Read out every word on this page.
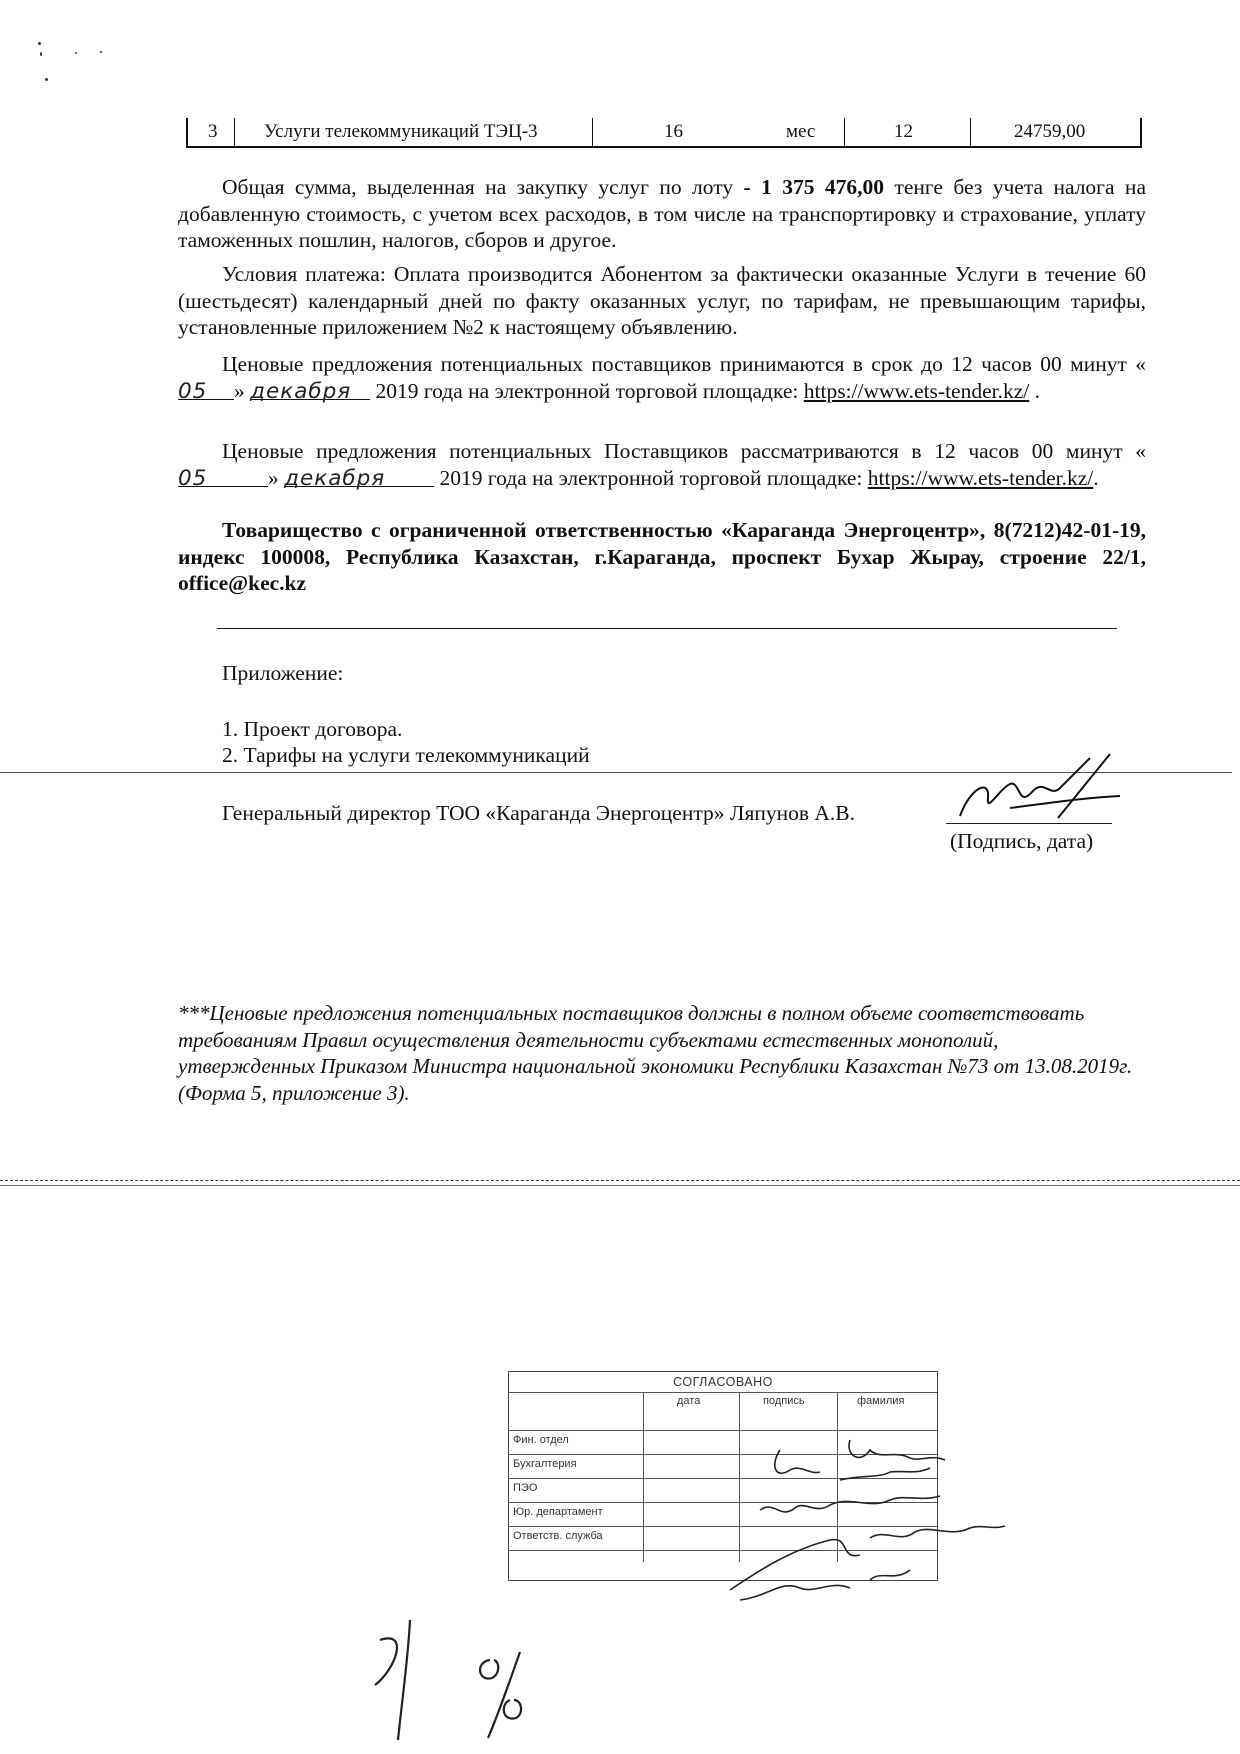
3 Услуги телекоммуникаций ТЭЦ-3	16	мес	12	24759,00
Общая сумма, выделенная на закупку услуг по лоту - 1 375 476,00 тенге без учета налога на добавленную стоимость, с учетом всех расходов, в том числе на транспортировку и страхование, уплату таможенных пошлин, налогов, сборов и другое.
Условия платежа: Оплата производится Абонентом за фактически оказанные Услуги в течение 60 (шестьдесят) календарный дней по факту оказанных услуг, по тарифам, не превышающим тарифы, установленные приложением №2 к настоящему объявлению.
Ценовые предложения потенциальных поставщиков принимаются в срок до 12 часов 00 минут «05 » декабря 2019 года на электронной торговой площадке: https://www.ets-tender.kz/ .
Ценовые предложения потенциальных Поставщиков рассматриваются в 12 часов 00 минут «05	» декабря 2019 года на электронной торговой площадке: https://www.ets-tender.kz/.
Товарищество с ограниченной ответственностью «Караганда Энергоцентр», 8(7212)42-01-19, индекс 100008, Республика Казахстан, г.Караганда, проспект Бухар Жырау, строение 22/1, office@kec.kz
Приложение:
1. Проект договора.
2. Тарифы на услуги телекоммуникаций
Генеральный директор ТОО «Караганда Энергоцентр» Ляпунов А.В.
(Подпись, дата)
***Ценовые предложения потенциальных поставщиков должны в полном объеме соответствовать требованиям Правил осуществления деятельности субъектами естественных монополий, утвержденных Приказом Министра национальной экономики Республики Казахстан №73 от 13.08.2019г. (Форма 5, приложение 3).
СОГЛАСОВАНО
дата	подпись	фамилия
Фин. отдел
Бухгалтерия
ПЭО
Юр. департамент
Ответств. служба
